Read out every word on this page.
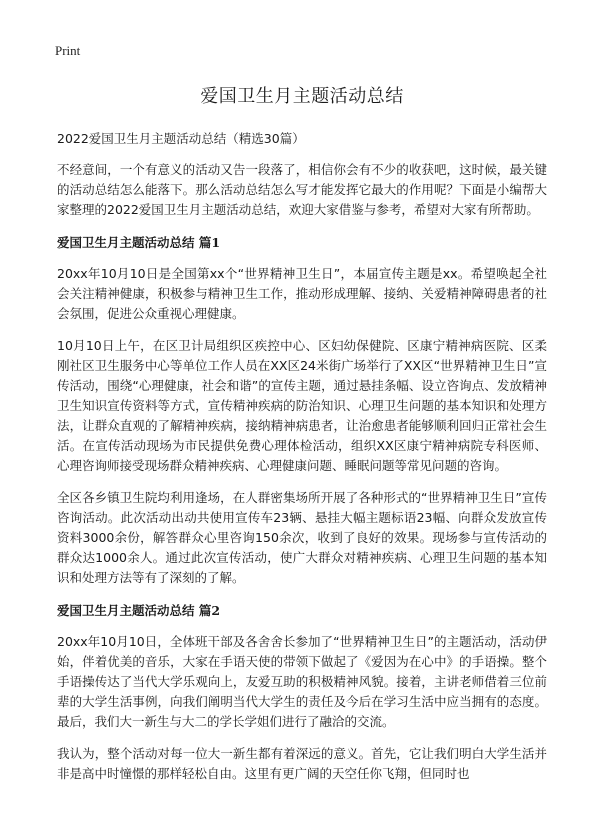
Print
爱国卫生月主题活动总结
2022爱国卫生月主题活动总结（精选30篇）

不经意间，一个有意义的活动又告一段落了，相信你会有不少的收获吧，这时候，最关键的活动总结怎么能落下。那么活动总结怎么写才能发挥它最大的作用呢？下面是小编帮大家整理的2022爱国卫生月主题活动总结，欢迎大家借鉴与参考，希望对大家有所帮助。

爱国卫生月主题活动总结 篇1

20xx年10月10日是全国第xx个“世界精神卫生日”，本届宣传主题是xx。希望唤起全社会关注精神健康，积极参与精神卫生工作，推动形成理解、接纳、关爱精神障碍患者的社会氛围，促进公众重视心理健康。

10月10日上午，在区卫计局组织区疾控中心、区妇幼保健院、区康宁精神病医院、区柔刚社区卫生服务中心等单位工作人员在XX区24米街广场举行了XX区“世界精神卫生日”宣传活动，围绕“心理健康，社会和谐”的宣传主题，通过悬挂条幅、设立咨询点、发放精神卫生知识宣传资料等方式，宣传精神疾病的防治知识、心理卫生问题的基本知识和处理方法，让群众直观的了解精神疾病，接纳精神病患者，让治愈患者能够顺利回归正常社会生活。在宣传活动现场为市民提供免费心理体检活动，组织XX区康宁精神病院专科医师、心理咨询师接受现场群众精神疾病、心理健康问题、睡眠问题等常见问题的咨询。

全区各乡镇卫生院均利用逢场，在人群密集场所开展了各种形式的“世界精神卫生日”宣传咨询活动。此次活动出动共使用宣传车23辆、悬挂大幅主题标语23幅、向群众发放宣传资料3000余份，解答群众心里咨询150余次，收到了良好的效果。现场参与宣传活动的群众达1000余人。通过此次宣传活动，使广大群众对精神疾病、心理卫生问题的基本知识和处理方法等有了深刻的了解。

爱国卫生月主题活动总结 篇2

20xx年10月10日，全体班干部及各舍舍长参加了“世界精神卫生日”的主题活动，活动伊始，伴着优美的音乐，大家在手语天使的带领下做起了《爱因为在心中》的手语操。整个手语操传达了当代大学乐观向上，友爱互助的积极精神风貌。接着，主讲老师借着三位前辈的大学生活事例，向我们阐明当代大学生的责任及今后在学习生活中应当拥有的态度。最后，我们大一新生与大二的学长学姐们进行了融洽的交流。

我认为，整个活动对每一位大一新生都有着深远的意义。首先，它让我们明白大学生活并非是高中时憧憬的那样轻松自由。这里有更广阔的天空任你飞翔，但同时也
